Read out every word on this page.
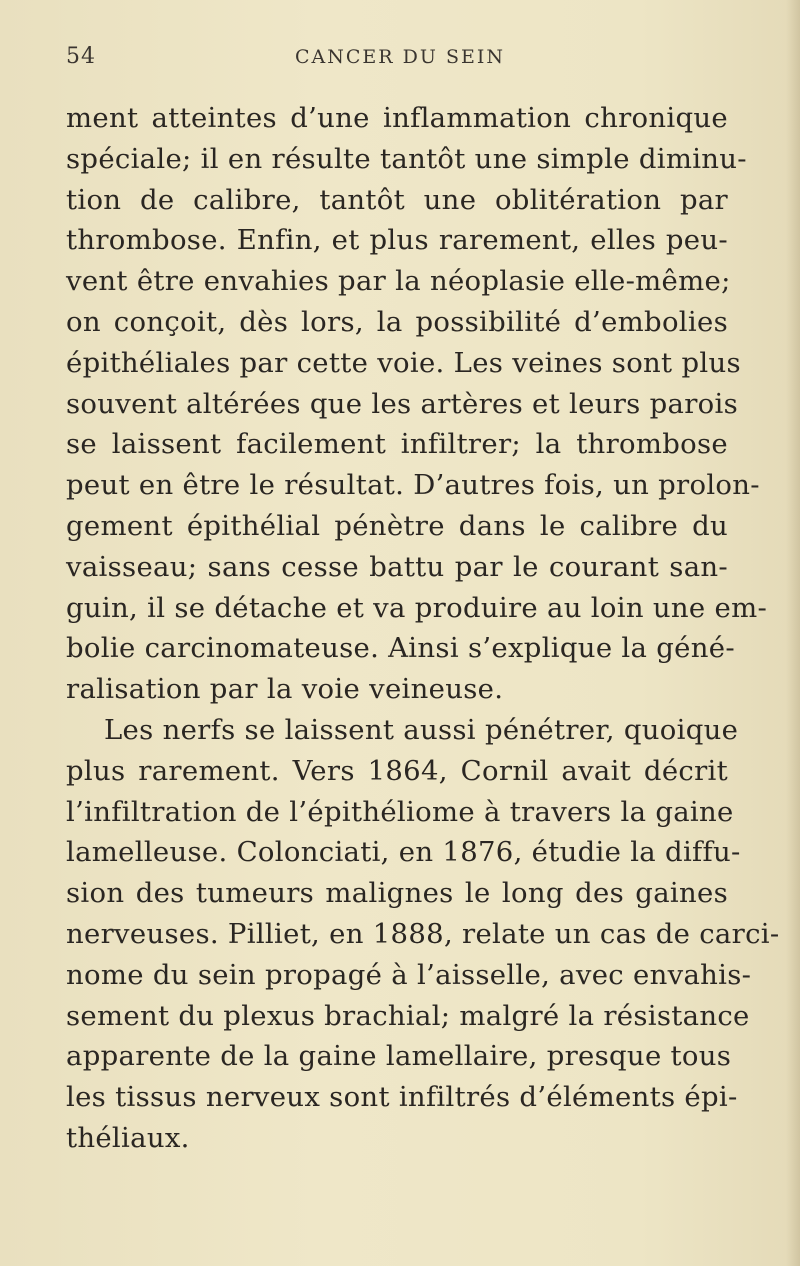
54	CANCER DU SEIN
ment atteintes d’une inflammation chronique
spéciale; il en résulte tantôt une simple diminu-
tion de calibre, tantôt une oblitération par
thrombose. Enfin, et plus rarement, elles peu-
vent être envahies par la néoplasie elle-même;
on conçoit, dès lors, la possibilité d’embolies
épithéliales par cette voie. Les veines sont plus
souvent altérées que les artères et leurs parois
se laissent facilement infiltrer; la thrombose
peut en être le résultat. D’autres fois, un prolon-
gement épithélial pénètre dans le calibre du
vaisseau; sans cesse battu par le courant san-
guin, il se détache et va produire au loin une em-
bolie carcinomateuse. Ainsi s’explique la géné-
ralisation par la voie veineuse.
Les nerfs se laissent aussi pénétrer, quoique
plus rarement. Vers 1864, Cornil avait décrit
l’infiltration de l’épithéliome à travers la gaine
lamelleuse. Colonciati, en 1876, étudie la diffu-
sion des tumeurs malignes le long des gaines
nerveuses. Pilliet, en 1888, relate un cas de carci-
nome du sein propagé à l’aisselle, avec envahis-
sement du plexus brachial; malgré la résistance
apparente de la gaine lamellaire, presque tous
les tissus nerveux sont infiltrés d’éléments épi-
théliaux.
